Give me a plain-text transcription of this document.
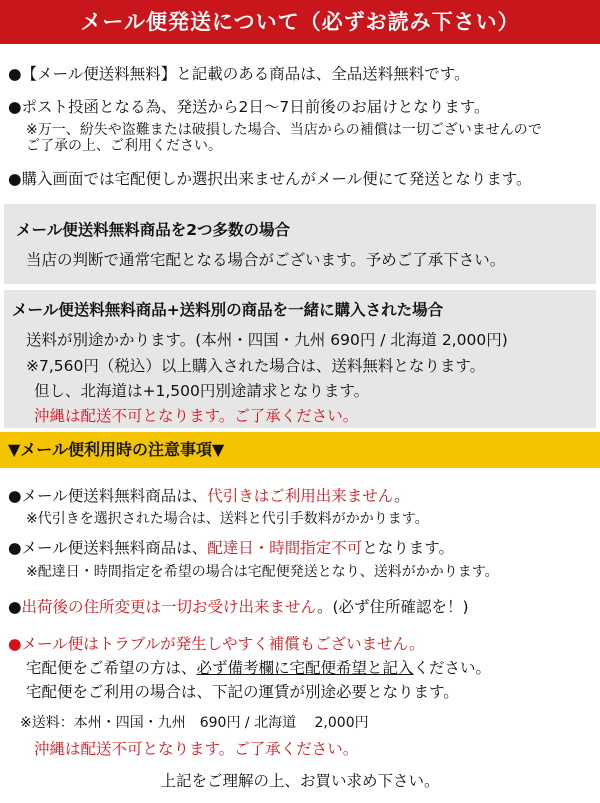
メール便発送について（必ずお読み下さい）
●【メール便送料無料】と記載のある商品は、全品送料無料です。
●ポスト投函となる為、発送から2日〜7日前後のお届けとなります。
※万一、紛失や盗難または破損した場合、当店からの補償は一切ございませんので
ご了承の上、ご利用ください。
●購入画面では宅配便しか選択出来ませんがメール便にて発送となります。
メール便送料無料商品を2つ多数の場合
当店の判断で通常宅配となる場合がございます。予めご了承下さい。
メール便送料無料商品+送料別の商品を一緒に購入された場合
送料が別途かかります。(本州・四国・九州 690円 / 北海道 2,000円)
※7,560円（税込）以上購入された場合は、送料無料となります。
但し、北海道は+1,500円別途請求となります。
沖縄は配送不可となります。ご了承ください。
▼メール便利用時の注意事項▼
●メール便送料無料商品は、代引きはご利用出来ません。
※代引きを選択された場合は、送料と代引手数料がかかります。
●メール便送料無料商品は、配達日・時間指定不可となります。
※配達日・時間指定を希望の場合は宅配便発送となり、送料がかかります。
●出荷後の住所変更は一切お受け出来ません。(必ず住所確認を！)
●メール便はトラブルが発生しやすく補償もございません。
宅配便をご希望の方は、必ず備考欄に宅配便希望と記入ください。
宅配便をご利用の場合は、下記の運賃が別途必要となります。
※送料：本州・四国・九州　690円 / 北海道　 2,000円
沖縄は配送不可となります。ご了承ください。
上記をご理解の上、お買い求め下さい。
